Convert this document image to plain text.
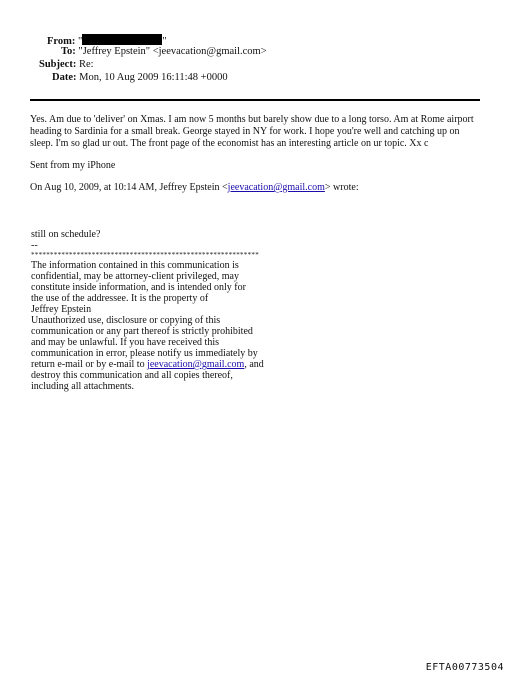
From: "	"
To: "Jeffrey Epstein" <jeevacation@gmail.com>
Subject: Re:
Date: Mon, 10 Aug 2009 16:11:48 +0000
Yes. Am due to 'deliver' on Xmas. I am now 5 months but barely show due to a long torso. Am at Rome airport heading to Sardinia for a small break. George stayed in NY for work. I hope you're well and catching up on sleep. I'm so glad ur out. The front page of the economist has an interesting article on ur topic. Xx c
Sent from my iPhone
On Aug 10, 2009, at 10:14 AM, Jeffrey Epstein <jeevacation@gmail.com> wrote:
still on schedule?
--
************************************************************
The information contained in this communication is
confidential, may be attorney-client privileged, may
constitute inside information, and is intended only for
the use of the addressee. It is the property of
Jeffrey Epstein
Unauthorized use, disclosure or copying of this
communication or any part thereof is strictly prohibited
and may be unlawful. If you have received this
communication in error, please notify us immediately by
return e-mail or by e-mail to jeevacation@gmail.com, and
destroy this communication and all copies thereof,
including all attachments.
EFTA00773504
